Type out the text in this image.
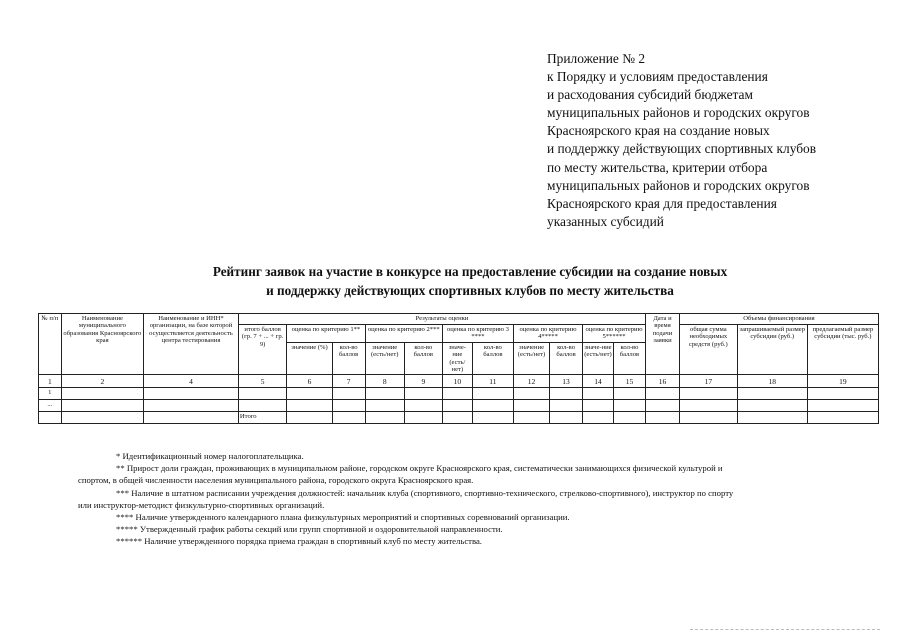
Приложение № 2
к Порядку и условиям предоставления
и расходования субсидий бюджетам
муниципальных районов и городских округов
Красноярского края на создание новых
и поддержку действующих спортивных клубов
по месту жительства, критерии отбора
муниципальных районов и городских округов
Красноярского края для предоставления
указанных субсидий
Рейтинг заявок на участие в конкурсе на предоставление субсидии на создание новых
и поддержку действующих спортивных клубов по месту жительства
№ п/п	Наименование муниципального образования Красноярского края	Наименование и ИНН* организации, на базе которой осуществляется деятельность центра тестирования	Результаты оценки											Дата и время подачи заявки	Объемы финансирования		
			итого баллов (гр. 7 + ... + гр. 9)	оценка по критерию 1**		оценка по критерию 2***		оценка по критерию 3 ****		оценка по критерию 4*****		оценка по критерию 5******			общая сумма необходимых средств (руб.)	запрашиваемый размер субсидии (руб.)	предлагаемый размер субсидии (тыс. руб.)
				значение (%)	кол-во баллов	значение (есть/нет)	кол-во баллов	значе-ние (есть/нет)	кол-во баллов	значение (есть/нет)	кол-во баллов	значе-ние (есть/нет)	кол-во баллов				
1	2	4	5	6	7	8	9	10	11	12	13	14	15	16	17	18	19
1																	
...																	
			Итого														

* Идентификационный номер налогоплательщика.

** Прирост доли граждан, проживающих в муниципальном районе, городском округе Красноярского края, систематически занимающихся физической культурой и

спортом, в общей численности населения муниципального района, городского округа Красноярского края.

*** Наличие в штатном расписании учреждения должностей: начальник клуба (спортивного, спортивно-технического, стрелково-спортивного), инструктор по спорту

или инструктор-методист физкультурно-спортивных организаций.

**** Наличие утвержденного календарного плана физкультурных мероприятий и спортивных соревнований организации.

***** Утвержденный график работы секций или групп спортивной и оздоровительной направленности.

****** Наличие утвержденного порядка приема граждан в спортивный клуб по месту жительства.
